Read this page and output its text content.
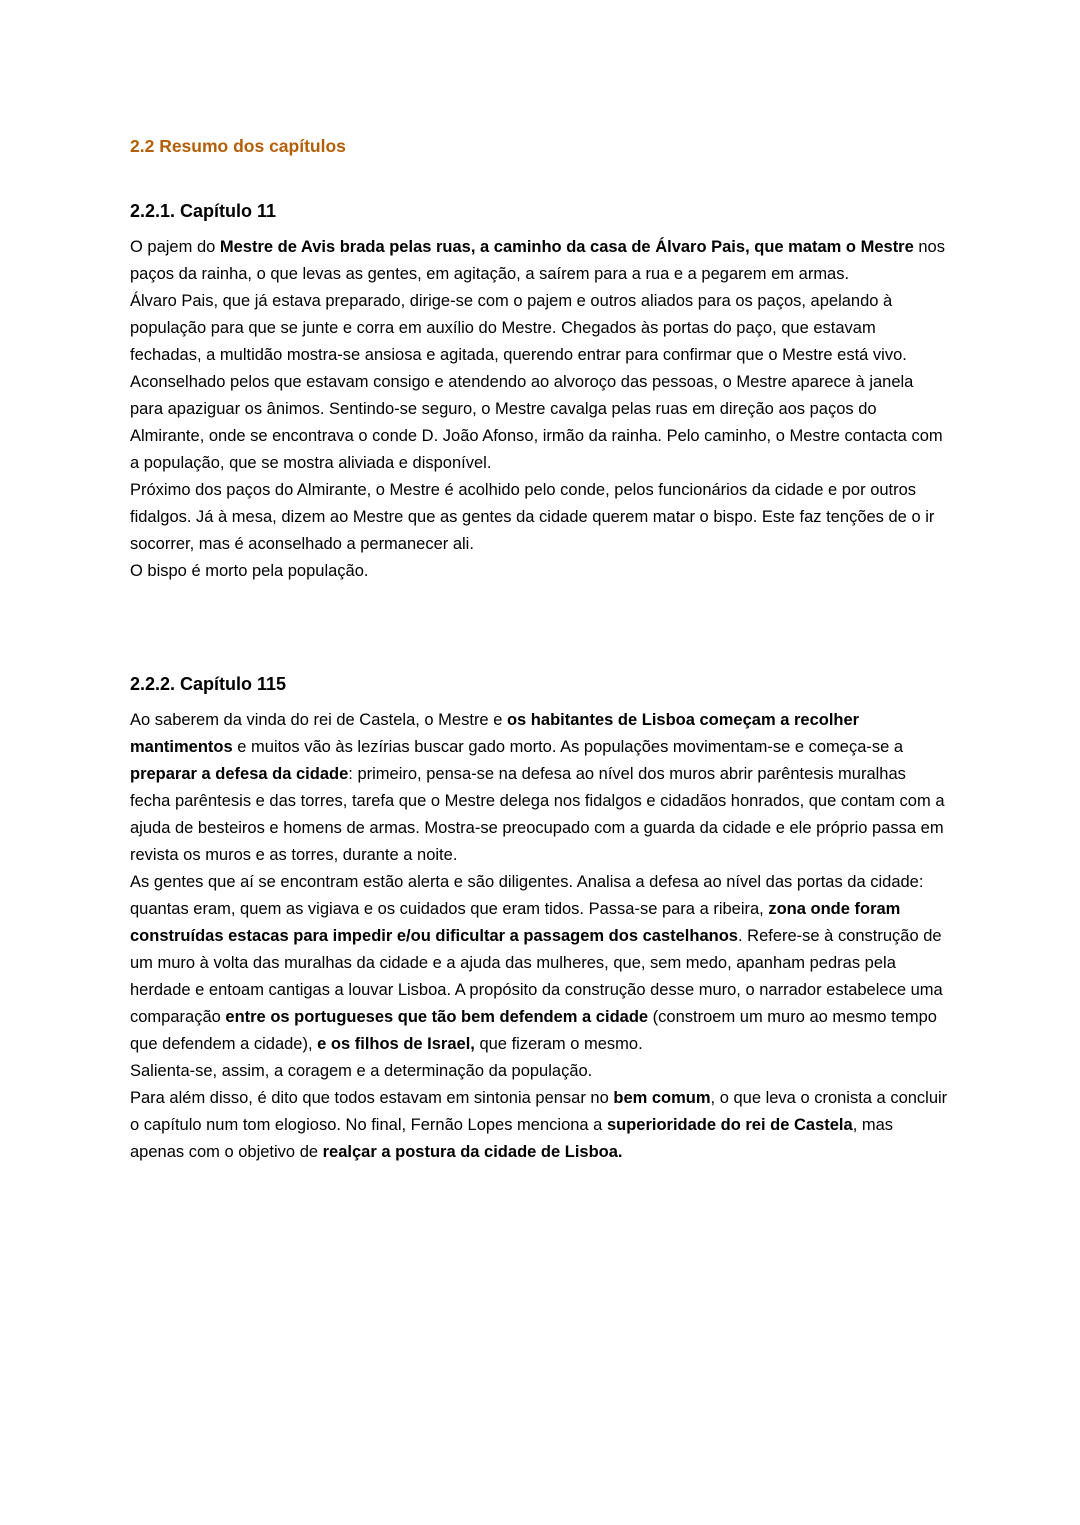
2.2 Resumo dos capítulos
2.2.1. Capítulo 11

O pajem do Mestre de Avis brada pelas ruas, a caminho da casa de Álvaro Pais, que matam o Mestre nos paços da rainha, o que levas as gentes, em agitação, a saírem para a rua e a pegarem em armas.

Álvaro Pais, que já estava preparado, dirige-se com o pajem e outros aliados para os paços, apelando à população para que se junte e corra em auxílio do Mestre. Chegados às portas do paço, que estavam fechadas, a multidão mostra-se ansiosa e agitada, querendo entrar para confirmar que o Mestre está vivo.

Aconselhado pelos que estavam consigo e atendendo ao alvoroço das pessoas, o Mestre aparece à janela para apaziguar os ânimos. Sentindo-se seguro, o Mestre cavalga pelas ruas em direção aos paços do Almirante, onde se encontrava o conde D. João Afonso, irmão da rainha. Pelo caminho, o Mestre contacta com a população, que se mostra aliviada e disponível.

Próximo dos paços do Almirante, o Mestre é acolhido pelo conde, pelos funcionários da cidade e por outros fidalgos. Já à mesa, dizem ao Mestre que as gentes da cidade querem matar o bispo. Este faz tenções de o ir socorrer, mas é aconselhado a permanecer ali.

O bispo é morto pela população.

2.2.2. Capítulo 115

Ao saberem da vinda do rei de Castela, o Mestre e os habitantes de Lisboa começam a recolher mantimentos e muitos vão às lezírias buscar gado morto. As populações movimentam-se e começa-se a preparar a defesa da cidade: primeiro, pensa-se na defesa ao nível dos muros abrir parêntesis muralhas fecha parêntesis e das torres, tarefa que o Mestre delega nos fidalgos e cidadãos honrados, que contam com a ajuda de besteiros e homens de armas. Mostra-se preocupado com a guarda da cidade e ele próprio passa em revista os muros e as torres, durante a noite.

As gentes que aí se encontram estão alerta e são diligentes. Analisa a defesa ao nível das portas da cidade: quantas eram, quem as vigiava e os cuidados que eram tidos. Passa-se para a ribeira, zona onde foram construídas estacas para impedir e/ou dificultar a passagem dos castelhanos. Refere-se à construção de um muro à volta das muralhas da cidade e a ajuda das mulheres, que, sem medo, apanham pedras pela herdade e entoam cantigas a louvar Lisboa. A propósito da construção desse muro, o narrador estabelece uma comparação entre os portugueses que tão bem defendem a cidade (constroem um muro ao mesmo tempo que defendem a cidade), e os filhos de Israel, que fizeram o mesmo.

Salienta-se, assim, a coragem e a determinação da população.

Para além disso, é dito que todos estavam em sintonia pensar no bem comum, o que leva o cronista a concluir o capítulo num tom elogioso. No final, Fernão Lopes menciona a superioridade do rei de Castela, mas apenas com o objetivo de realçar a postura da cidade de Lisboa.
